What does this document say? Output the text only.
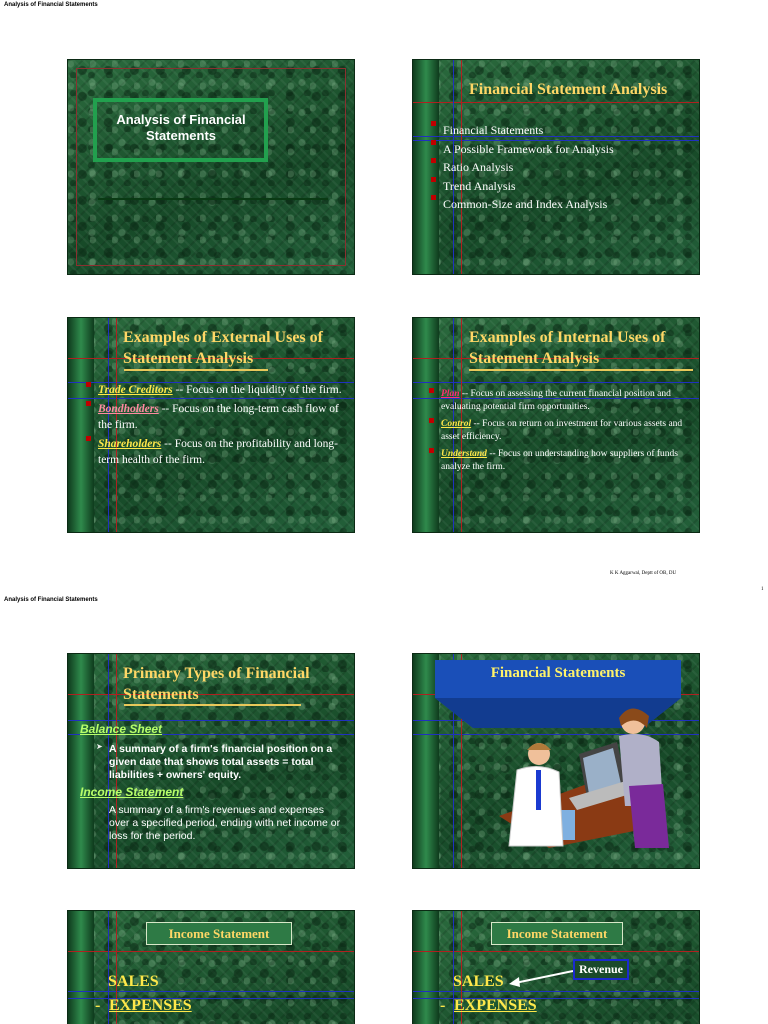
Analysis of Financial Statements
Analysis of Financial Statements
Financial Statement Analysis
Financial Statements
A Possible Framework for Analysis
Ratio Analysis
Trend Analysis
Common-Size and Index Analysis
Examples of External Uses of Statement Analysis
Trade Creditors -- Focus on the liquidity of the firm.
Bondholders -- Focus on the long-term cash flow of the firm.
Shareholders -- Focus on the profitability and long-term health of the firm.
Examples of Internal Uses of Statement Analysis
Plan -- Focus on assessing the current financial position and evaluating potential firm opportunities.
Control -- Focus on return on investment for various assets and asset efficiency.
Understand -- Focus on understanding how suppliers of funds analyze the firm.
K K Aggarwal, Deptt of OB, DU
1
Analysis of Financial Statements
Primary Types of Financial Statements
Balance Sheet
➤ A summary of a firm's financial position on a given date that shows total assets = total liabilities + owners' equity.
Income Statement
A summary of a firm's revenues and expenses over a specified period, ending with net income or loss for the period.
Financial Statements
Income Statement
SALES
- EXPENSES
Income Statement
SALES
Revenue
- EXPENSES
